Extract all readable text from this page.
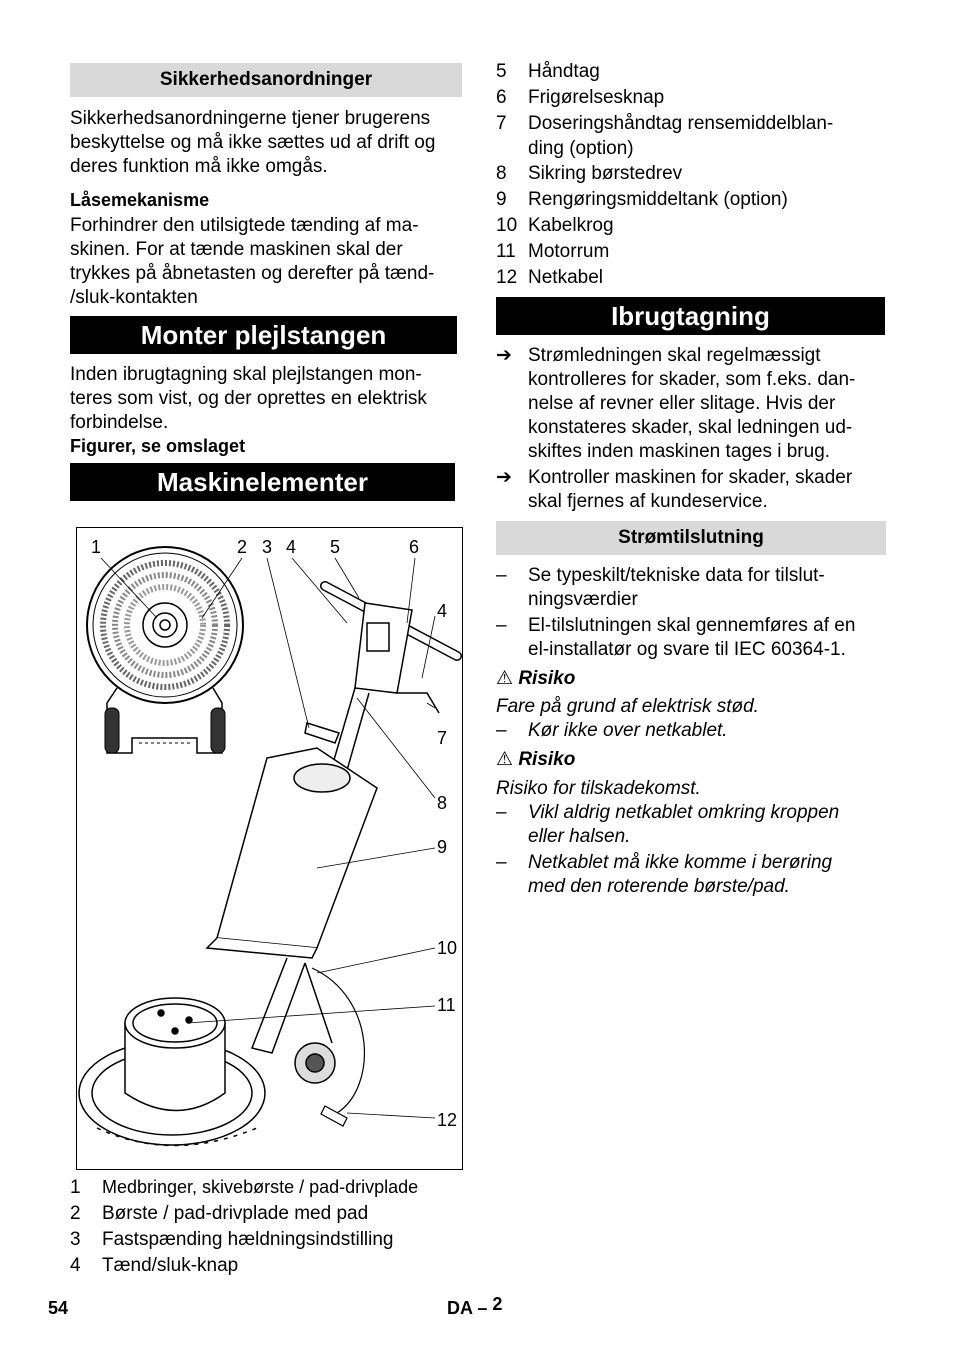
Sikkerhedsanordninger
Sikkerhedsanordningerne tjener brugerens
beskyttelse og må ikke sættes ud af drift og
deres funktion må ikke omgås.
Låsemekanisme
Forhindrer den utilsigtede tænding af ma-
skinen. For at tænde maskinen skal der
trykkes på åbnetasten og derefter på tænd-
/sluk-kontakten
Monter plejlstangen
Inden ibrugtagning skal plejlstangen mon-
teres som vist, og der oprettes en elektrisk
forbindelse.
Figurer, se omslaget
Maskinelementer
1	2 3 4 5	6
4
7
8
9
10
11
12
1 Medbringer, skivebørste / pad-drivplade
2 Børste / pad-drivplade med pad
3 Fastspænding hældningsindstilling
4 Tænd/sluk-knap
5 Håndtag
6 Frigørelsesknap
7 Doseringshåndtag rensemiddelblan-
ding (option)
8 Sikring børstedrev
9 Rengøringsmiddeltank (option)
10 Kabelkrog
11 Motorrum
12 Netkabel
Ibrugtagning
➔ Strømledningen skal regelmæssigt
kontrolleres for skader, som f.eks. dan-
nelse af revner eller slitage. Hvis der
konstateres skader, skal ledningen ud-
skiftes inden maskinen tages i brug.
➔ Kontroller maskinen for skader, skader
skal fjernes af kundeservice.
Strømtilslutning
– Se typeskilt/tekniske data for tilslut-
ningsværdier
– El-tilslutningen skal gennemføres af en
el-installatør og svare til IEC 60364-1.
⚠ Risiko
Fare på grund af elektrisk stød.
– Kør ikke over netkablet.
⚠ Risiko
Risiko for tilskadekomst.
– Vikl aldrig netkablet omkring kroppen
eller halsen.
– Netkablet må ikke komme i berøring
med den roterende børste/pad.
54	DA – 2
